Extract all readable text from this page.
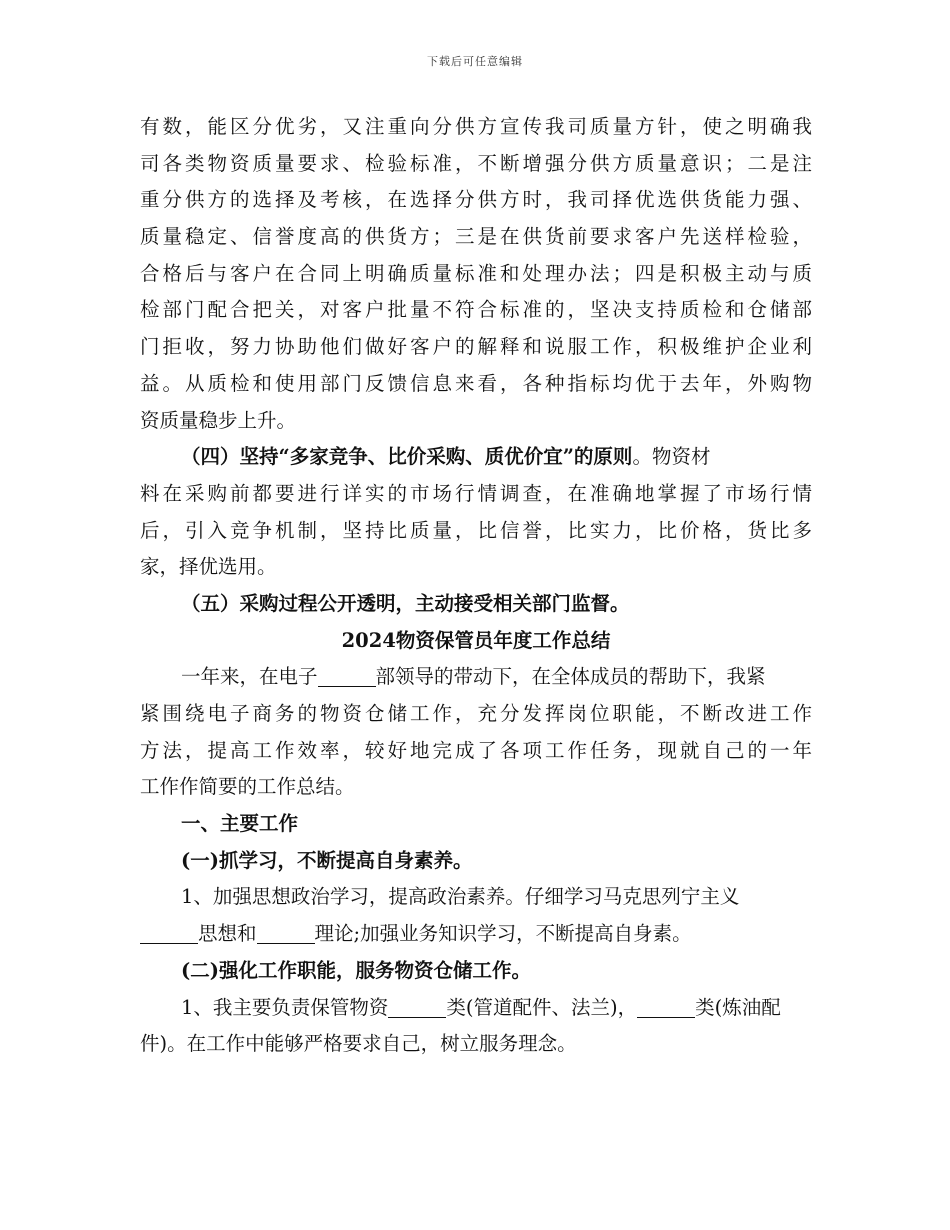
下载后可任意编辑
有数，能区分优劣，又注重向分供方宣传我司质量方针，使之明确我
司各类物资质量要求、检验标准，不断增强分供方质量意识；二是注
重分供方的选择及考核，在选择分供方时，我司择优选供货能力强、
质量稳定、信誉度高的供货方；三是在供货前要求客户先送样检验，
合格后与客户在合同上明确质量标准和处理办法；四是积极主动与质
检部门配合把关，对客户批量不符合标准的，坚决支持质检和仓储部
门拒收，努力协助他们做好客户的解释和说服工作，积极维护企业利
益。从质检和使用部门反馈信息来看，各种指标均优于去年，外购物
资质量稳步上升。
（四）坚持“多家竞争、比价采购、质优价宜”的原则。物资材
料在采购前都要进行详实的市场行情调查，在准确地掌握了市场行情
后，引入竞争机制，坚持比质量，比信誉，比实力，比价格，货比多
家，择优选用。
（五）采购过程公开透明，主动接受相关部门监督。
2024物资保管员年度工作总结
一年来，在电子	部领导的带动下，在全体成员的帮助下，我紧
紧围绕电子商务的物资仓储工作，充分发挥岗位职能，不断改进工作
方法，提高工作效率，较好地完成了各项工作任务，现就自己的一年
工作作简要的工作总结。
一、主要工作
(一)抓学习，不断提高自身素养。
1、加强思想政治学习，提高政治素养。仔细学习马克思列宁主义
思想和	理论;加强业务知识学习，不断提高自身素。
(二)强化工作职能，服务物资仓储工作。
1、我主要负责保管物资	类(管道配件、法兰)，	类(炼油配
件)。在工作中能够严格要求自己，树立服务理念。
